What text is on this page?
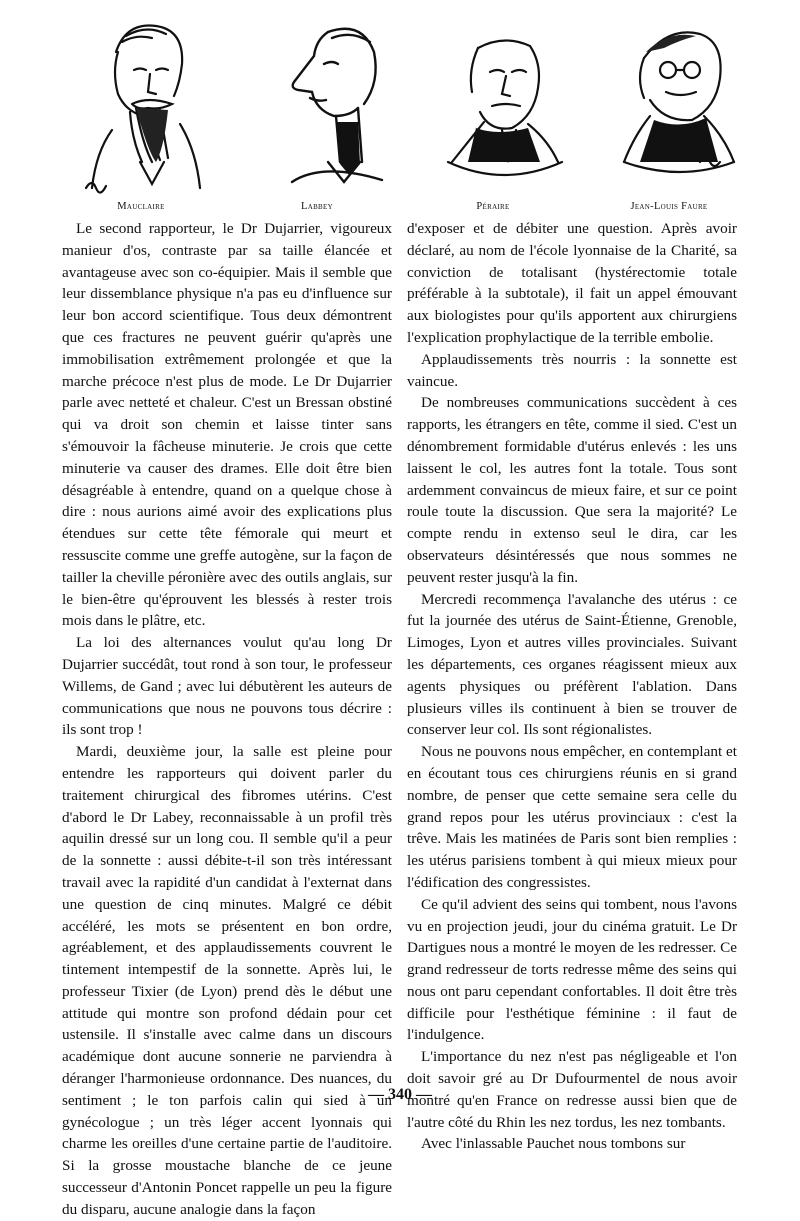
Mauclaire	Labbey	Péraire	Jean-Louis Faure

Le second rapporteur, le Dr Dujarrier, vigoureux manieur d'os, contraste par sa taille élancée et avantageuse avec son co-équipier. Mais il semble que leur dissemblance physique n'a pas eu d'influence sur leur bon accord scientifique. Tous deux démontrent que ces fractures ne peuvent guérir qu'après une immobilisation extrêmement prolongée et que la marche précoce n'est plus de mode. Le Dr Dujarrier parle avec netteté et chaleur. C'est un Bressan obstiné qui va droit son chemin et laisse tinter sans s'émouvoir la fâcheuse minuterie. Je crois que cette minuterie va causer des drames. Elle doit être bien désagréable à entendre, quand on a quelque chose à dire : nous aurions aimé avoir des explications plus étendues sur cette tête fémorale qui meurt et ressuscite comme une greffe autogène, sur la façon de tailler la cheville péronière avec des outils anglais, sur le bien-être qu'éprouvent les blessés à rester trois mois dans le plâtre, etc.

La loi des alternances voulut qu'au long Dr Dujarrier succédât, tout rond à son tour, le professeur Willems, de Gand ; avec lui débutèrent les auteurs de communications que nous ne pouvons tous décrire : ils sont trop !

Mardi, deuxième jour, la salle est pleine pour entendre les rapporteurs qui doivent parler du traitement chirurgical des fibromes utérins. C'est d'abord le Dr Labey, reconnaissable à un profil très aquilin dressé sur un long cou. Il semble qu'il a peur de la sonnette : aussi débite-t-il son très intéressant travail avec la rapidité d'un candidat à l'externat dans une question de cinq minutes. Malgré ce débit accéléré, les mots se présentent en bon ordre, agréablement, et des applaudissements couvrent le tintement intempestif de la sonnette. Après lui, le professeur Tixier (de Lyon) prend dès le début une attitude qui montre son profond dédain pour cet ustensile. Il s'installe avec calme dans un discours académique dont aucune sonnerie ne parviendra à déranger l'harmonieuse ordonnance. Des nuances, du sentiment ; le ton parfois calin qui sied à un gynécologue ; un très léger accent lyonnais qui charme les oreilles d'une certaine partie de l'auditoire. Si la grosse moustache blanche de ce jeune successeur d'Antonin Poncet rappelle un peu la figure du disparu, aucune analogie dans la façon

d'exposer et de débiter une question. Après avoir déclaré, au nom de l'école lyonnaise de la Charité, sa conviction de totalisant (hystérectomie totale préférable à la subtotale), il fait un appel émouvant aux biologistes pour qu'ils apportent aux chirurgiens l'explication prophylactique de la terrible embolie.

Applaudissements très nourris : la sonnette est vaincue.

De nombreuses communications succèdent à ces rapports, les étrangers en tête, comme il sied. C'est un dénombrement formidable d'utérus enlevés : les uns laissent le col, les autres font la totale. Tous sont ardemment convaincus de mieux faire, et sur ce point roule toute la discussion. Que sera la majorité? Le compte rendu in extenso seul le dira, car les observateurs désintéressés que nous sommes ne peuvent rester jusqu'à la fin.

Mercredi recommença l'avalanche des utérus : ce fut la journée des utérus de Saint-Étienne, Grenoble, Limoges, Lyon et autres villes provinciales. Suivant les départements, ces organes réagissent mieux aux agents physiques ou préfèrent l'ablation. Dans plusieurs villes ils continuent à bien se trouver de conserver leur col. Ils sont régionalistes.

Nous ne pouvons nous empêcher, en contemplant et en écoutant tous ces chirurgiens réunis en si grand nombre, de penser que cette semaine sera celle du grand repos pour les utérus provinciaux : c'est la trêve. Mais les matinées de Paris sont bien remplies : les utérus parisiens tombent à qui mieux mieux pour l'édification des congressistes.

Ce qu'il advient des seins qui tombent, nous l'avons vu en projection jeudi, jour du cinéma gratuit. Le Dr Dartigues nous a montré le moyen de les redresser. Ce grand redresseur de torts redresse même des seins qui nous ont paru cependant confortables. Il doit être très difficile pour l'esthétique féminine : il faut de l'indulgence.

L'importance du nez n'est pas négligeable et l'on doit savoir gré au Dr Dufourmentel de nous avoir montré qu'en France on redresse aussi bien que de l'autre côté du Rhin les nez tordus, les nez tombants.

Avec l'inlassable Pauchet nous tombons sur

— 340 —
